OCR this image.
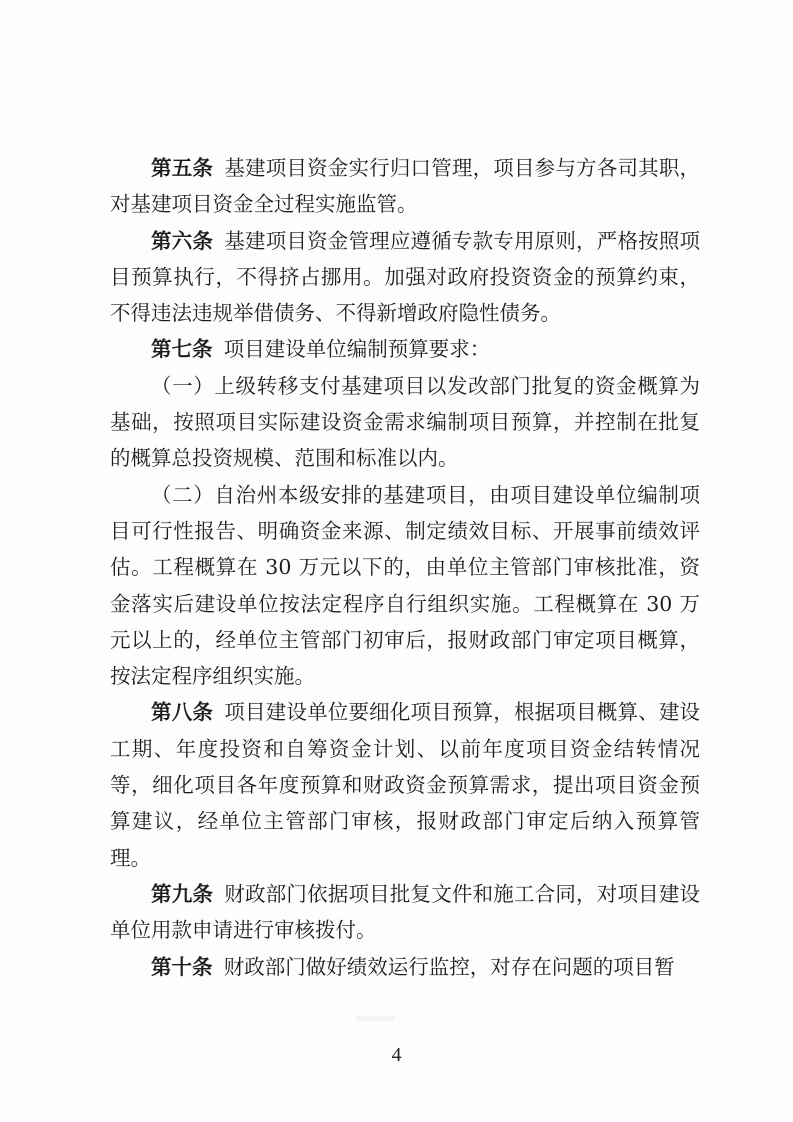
第五条 基建项目资金实行归口管理，项目参与方各司其职，对基建项目资金全过程实施监管。

第六条 基建项目资金管理应遵循专款专用原则，严格按照项目预算执行，不得挤占挪用。加强对政府投资资金的预算约束，不得违法违规举借债务、不得新增政府隐性债务。

第七条 项目建设单位编制预算要求：

（一）上级转移支付基建项目以发改部门批复的资金概算为基础，按照项目实际建设资金需求编制项目预算，并控制在批复的概算总投资规模、范围和标准以内。

（二）自治州本级安排的基建项目，由项目建设单位编制项目可行性报告、明确资金来源、制定绩效目标、开展事前绩效评估。工程概算在 30 万元以下的，由单位主管部门审核批准，资金落实后建设单位按法定程序自行组织实施。工程概算在 30 万元以上的，经单位主管部门初审后，报财政部门审定项目概算，按法定程序组织实施。

第八条 项目建设单位要细化项目预算，根据项目概算、建设工期、年度投资和自筹资金计划、以前年度项目资金结转情况等，细化项目各年度预算和财政资金预算需求，提出项目资金预算建议，经单位主管部门审核，报财政部门审定后纳入预算管理。

第九条 财政部门依据项目批复文件和施工合同，对项目建设单位用款申请进行审核拨付。

第十条 财政部门做好绩效运行监控，对存在问题的项目暂

4
